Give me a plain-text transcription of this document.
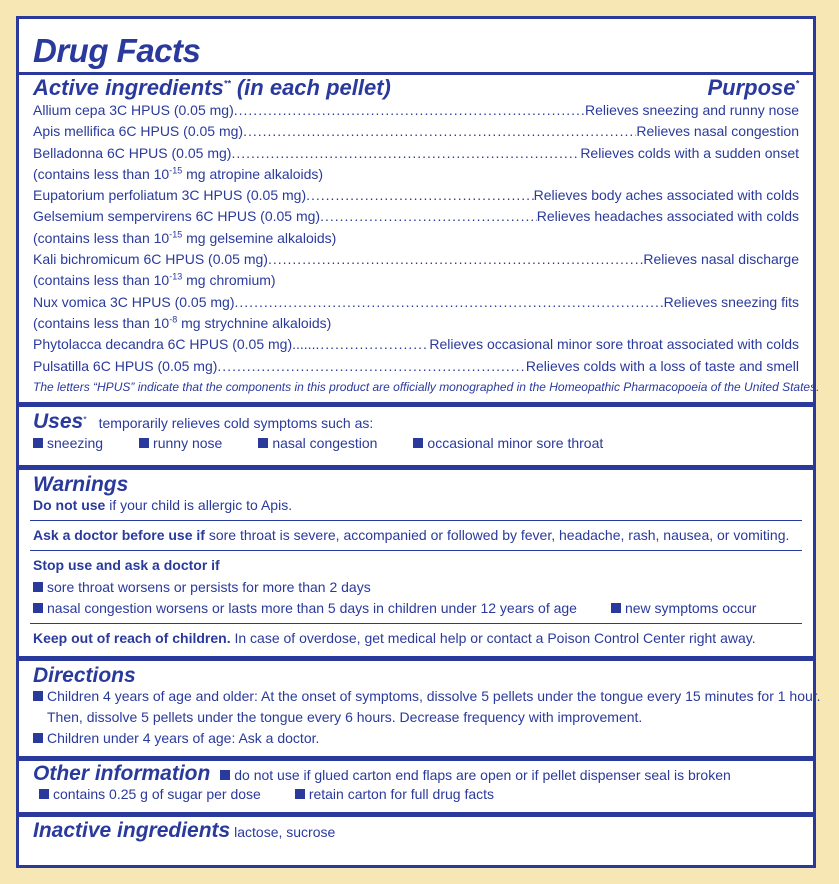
Drug Facts
Active ingredients** (in each pellet)	Purpose*
Allium cepa 3C HPUS (0.05 mg) .....	Relieves sneezing and runny nose
Apis mellifica 6C HPUS (0.05 mg) .....	Relieves nasal congestion
Belladonna 6C HPUS (0.05 mg) .....	Relieves colds with a sudden onset
(contains less than $10^{-15}$ mg atropine alkaloids)
Eupatorium perfoliatum 3C HPUS (0.05 mg) .....	Relieves body aches associated with colds
Gelsemium sempervirens 6C HPUS (0.05 mg) .....	Relieves headaches associated with colds
(contains less than $10^{-15}$ mg gelsemine alkaloids)
Kali bichromicum 6C HPUS (0.05 mg) .....	Relieves nasal discharge
(contains less than $10^{-13}$ mg chromium)
Nux vomica 3C HPUS (0.05 mg) .....	Relieves sneezing fits
(contains less than $10^{-8}$ mg strychnine alkaloids)
Phytolacca decandra 6C HPUS (0.05 mg) ...... .....	Relieves occasional minor sore throat associated with colds
Pulsatilla 6C HPUS (0.05 mg) .....	Relieves colds with a loss of taste and smell
The letters “HPUS” indicate that the components in this product are officially monographed in the Homeopathic Pharmacopoeia of the United States.
Uses* temporarily relieves cold symptoms such as:
sneezing	runny nose	nasal congestion	occasional minor sore throat
Warnings
Do not use if your child is allergic to Apis.
Ask a doctor before use if sore throat is severe, accompanied or followed by fever, headache, rash, nausea, or vomiting.
Stop use and ask a doctor if
sore throat worsens or persists for more than 2 days
nasal congestion worsens or lasts more than 5 days in children under 12 years of age	new symptoms occur
Keep out of reach of children. In case of overdose, get medical help or contact a Poison Control Center right away.
Directions
Children 4 years of age and older: At the onset of symptoms, dissolve 5 pellets under the tongue every 15 minutes for 1 hour.
Then, dissolve 5 pellets under the tongue every 6 hours. Decrease frequency with improvement.
Children under 4 years of age: Ask a doctor.
Other information do not use if glued carton end flaps are open or if pellet dispenser seal is broken
contains 0.25 g of sugar per dose	retain carton for full drug facts
Inactive ingredients lactose, sucrose
